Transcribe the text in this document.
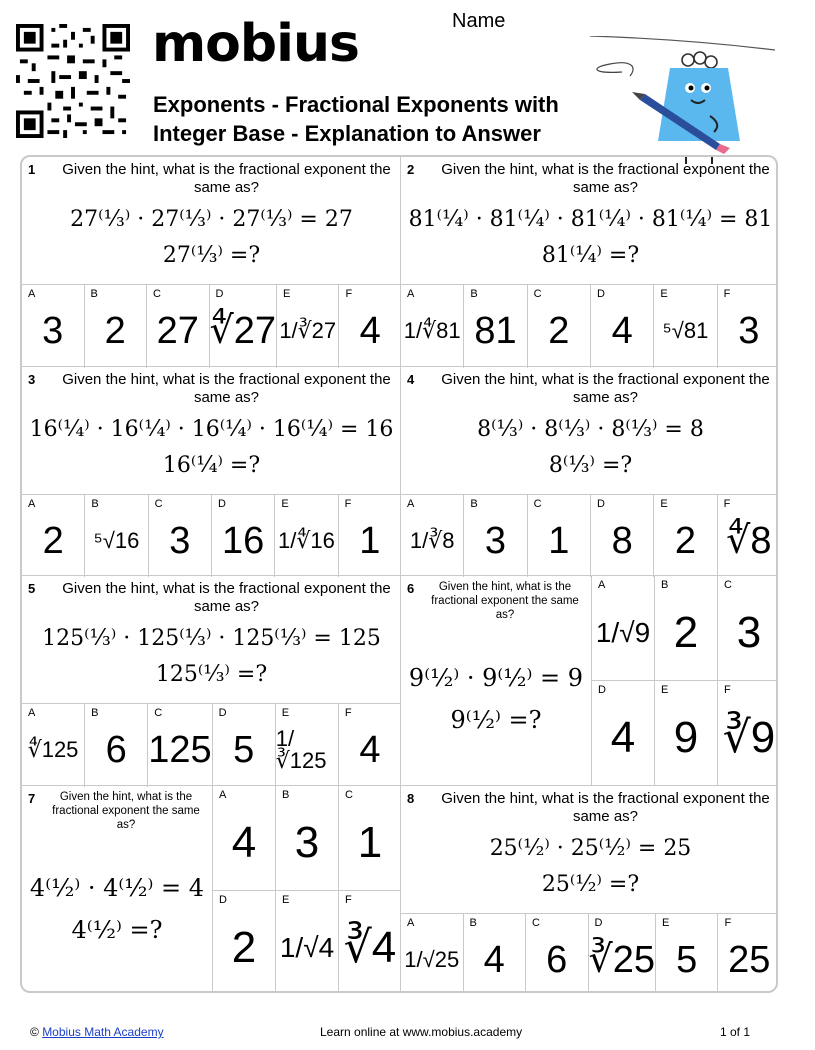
mobius
Exponents - Fractional Exponents with
Integer Base - Explanation to Answer
Name
1 Given the hint, what is the fractional exponent the same as?
27⁽¹⁄₃⁾ · 27⁽¹⁄₃⁾ · 27⁽¹⁄₃⁾ = 27
27⁽¹⁄₃⁾ =?
A
3
B
2
C
27
D
∜27
E
1/∛27
F
4
2 Given the hint, what is the fractional exponent the same as?
81⁽¹⁄₄⁾ · 81⁽¹⁄₄⁾ · 81⁽¹⁄₄⁾ · 81⁽¹⁄₄⁾ = 81
81⁽¹⁄₄⁾ =?
A
1/∜81
B
81
C
2
D
4
E
⁵√81
F
3
3 Given the hint, what is the fractional exponent the same as?
16⁽¹⁄₄⁾ · 16⁽¹⁄₄⁾ · 16⁽¹⁄₄⁾ · 16⁽¹⁄₄⁾ = 16
16⁽¹⁄₄⁾ =?
A
2
B
⁵√16
C
3
D
16
E
1/∜16
F
1
4 Given the hint, what is the fractional exponent the same as?
8⁽¹⁄₃⁾ · 8⁽¹⁄₃⁾ · 8⁽¹⁄₃⁾ = 8
8⁽¹⁄₃⁾ =?
A
1/∛8
B
3
C
1
D
8
E
2
F
∜8
5 Given the hint, what is the fractional exponent the same as?
125⁽¹⁄₃⁾ · 125⁽¹⁄₃⁾ · 125⁽¹⁄₃⁾ = 125
125⁽¹⁄₃⁾ =?
A
∜125
B
6
C
125
D
5
E
1/∛125
F
4
6	Given the hint, what is the fractional exponent the same as?
9⁽¹⁄₂⁾ · 9⁽¹⁄₂⁾ = 9
9⁽¹⁄₂⁾ =?
A
1/√9
B
2
C
3
D
4
E
9
F
∛9
7	Given the hint, what is the fractional exponent the same as?
4⁽¹⁄₂⁾ · 4⁽¹⁄₂⁾ = 4
4⁽¹⁄₂⁾ =?
A
4
B
3
C
1
D
2
E
1/√4
F
∛4
8 Given the hint, what is the fractional exponent the same as?
25⁽¹⁄₂⁾ · 25⁽¹⁄₂⁾ = 25
25⁽¹⁄₂⁾ =?
A
1/√25
B
4
C
6
D
∛25
E
5
F
25
© Mobius Math Academy	Learn online at www.mobius.academy	1 of 1
